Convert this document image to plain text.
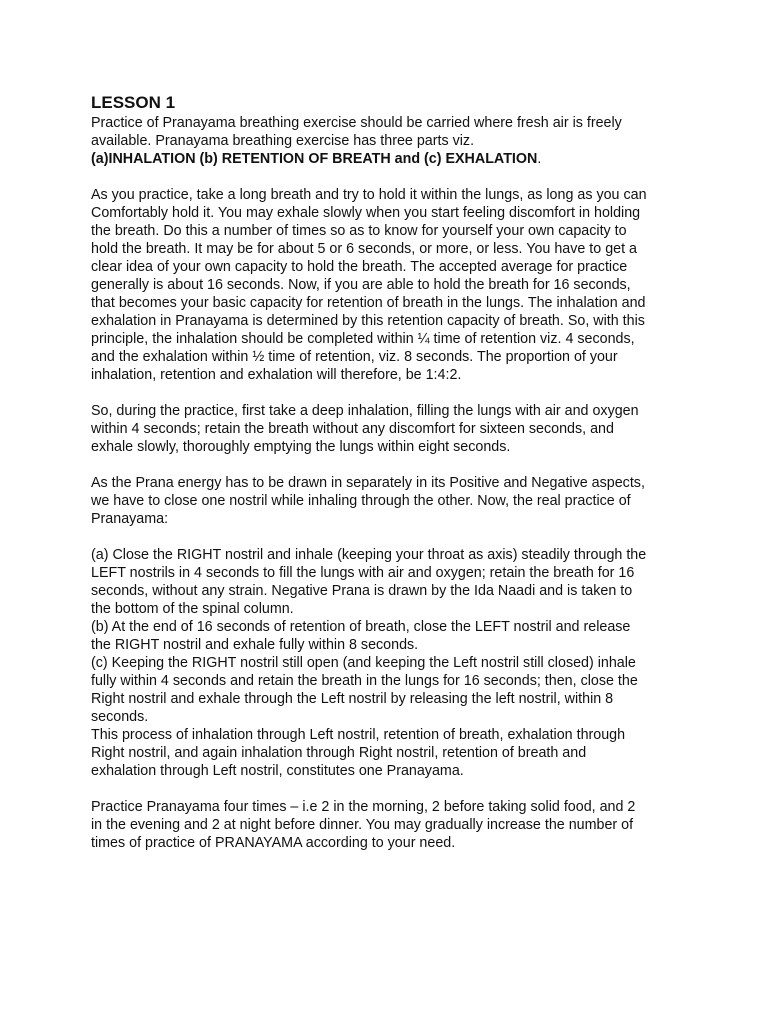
LESSON 1

Practice of Pranayama breathing exercise should be carried where fresh air is freely
available. Pranayama breathing exercise has three parts viz.

(a)INHALATION (b) RETENTION OF BREATH and (c) EXHALATION.

As you practice, take a long breath and try to hold it within the lungs, as long as you can
Comfortably hold it. You may exhale slowly when you start feeling discomfort in holding
the breath. Do this a number of times so as to know for yourself your own capacity to
hold the breath. It may be for about 5 or 6 seconds, or more, or less. You have to get a
clear idea of your own capacity to hold the breath. The accepted average for practice
generally is about 16 seconds. Now, if you are able to hold the breath for 16 seconds,
that becomes your basic capacity for retention of breath in the lungs. The inhalation and
exhalation in Pranayama is determined by this retention capacity of breath. So, with this
principle, the inhalation should be completed within ¼ time of retention viz. 4 seconds,
and the exhalation within ½ time of retention, viz. 8 seconds. The proportion of your
inhalation, retention and exhalation will therefore, be 1:4:2.

So, during the practice, first take a deep inhalation, filling the lungs with air and oxygen
within 4 seconds; retain the breath without any discomfort for sixteen seconds, and
exhale slowly, thoroughly emptying the lungs within eight seconds.

As the Prana energy has to be drawn in separately in its Positive and Negative aspects,
we have to close one nostril while inhaling through the other. Now, the real practice of
Pranayama:

(a) Close the RIGHT nostril and inhale (keeping your throat as axis) steadily through the
LEFT nostrils in 4 seconds to fill the lungs with air and oxygen; retain the breath for 16
seconds, without any strain. Negative Prana is drawn by the Ida Naadi and is taken to
the bottom of the spinal column.

(b) At the end of 16 seconds of retention of breath, close the LEFT nostril and release
the RIGHT nostril and exhale fully within 8 seconds.

(c) Keeping the RIGHT nostril still open (and keeping the Left nostril still closed) inhale
fully within 4 seconds and retain the breath in the lungs for 16 seconds; then, close the
Right nostril and exhale through the Left nostril by releasing the left nostril, within 8
seconds.

This process of inhalation through Left nostril, retention of breath, exhalation through
Right nostril, and again inhalation through Right nostril, retention of breath and
exhalation through Left nostril, constitutes one Pranayama.

Practice Pranayama four times – i.e 2 in the morning, 2 before taking solid food, and 2
in the evening and 2 at night before dinner. You may gradually increase the number of
times of practice of PRANAYAMA according to your need.
